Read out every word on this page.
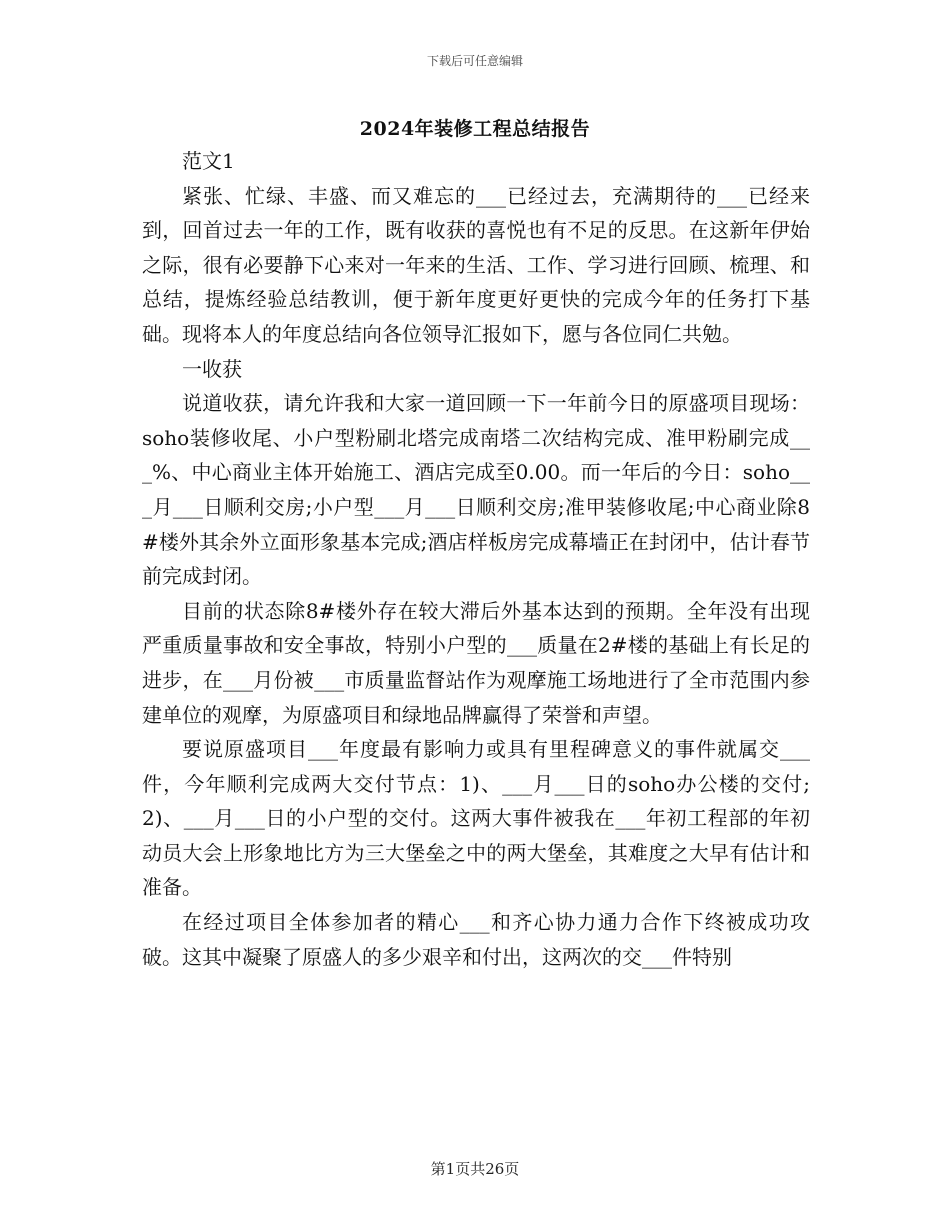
下载后可任意编辑
2024年装修工程总结报告

范文1

紧张、忙绿、丰盛、而又难忘的___已经过去，充满期待的___已经来到，回首过去一年的工作，既有收获的喜悦也有不足的反思。在这新年伊始之际，很有必要静下心来对一年来的生活、工作、学习进行回顾、梳理、和总结，提炼经验总结教训，便于新年度更好更快的完成今年的任务打下基础。现将本人的年度总结向各位领导汇报如下，愿与各位同仁共勉。

一收获

说道收获，请允许我和大家一道回顾一下一年前今日的原盛项目现场：soho装修收尾、小户型粉刷北塔完成南塔二次结构完成、准甲粉刷完成___%、中心商业主体开始施工、酒店完成至0.00。而一年后的今日：soho___月___日顺利交房;小户型___月___日顺利交房;准甲装修收尾;中心商业除8#楼外其余外立面形象基本完成;酒店样板房完成幕墙正在封闭中，估计春节前完成封闭。

目前的状态除8#楼外存在较大滞后外基本达到的预期。全年没有出现严重质量事故和安全事故，特别小户型的___质量在2#楼的基础上有长足的进步，在___月份被___市质量监督站作为观摩施工场地进行了全市范围内参建单位的观摩，为原盛项目和绿地品牌赢得了荣誉和声望。

要说原盛项目___年度最有影响力或具有里程碑意义的事件就属交___件，今年顺利完成两大交付节点：1)、___月___日的soho办公楼的交付;2)、___月___日的小户型的交付。这两大事件被我在___年初工程部的年初动员大会上形象地比方为三大堡垒之中的两大堡垒，其难度之大早有估计和准备。

在经过项目全体参加者的精心___和齐心协力通力合作下终被成功攻破。这其中凝聚了原盛人的多少艰辛和付出，这两次的交___件特别

第1页共26页
